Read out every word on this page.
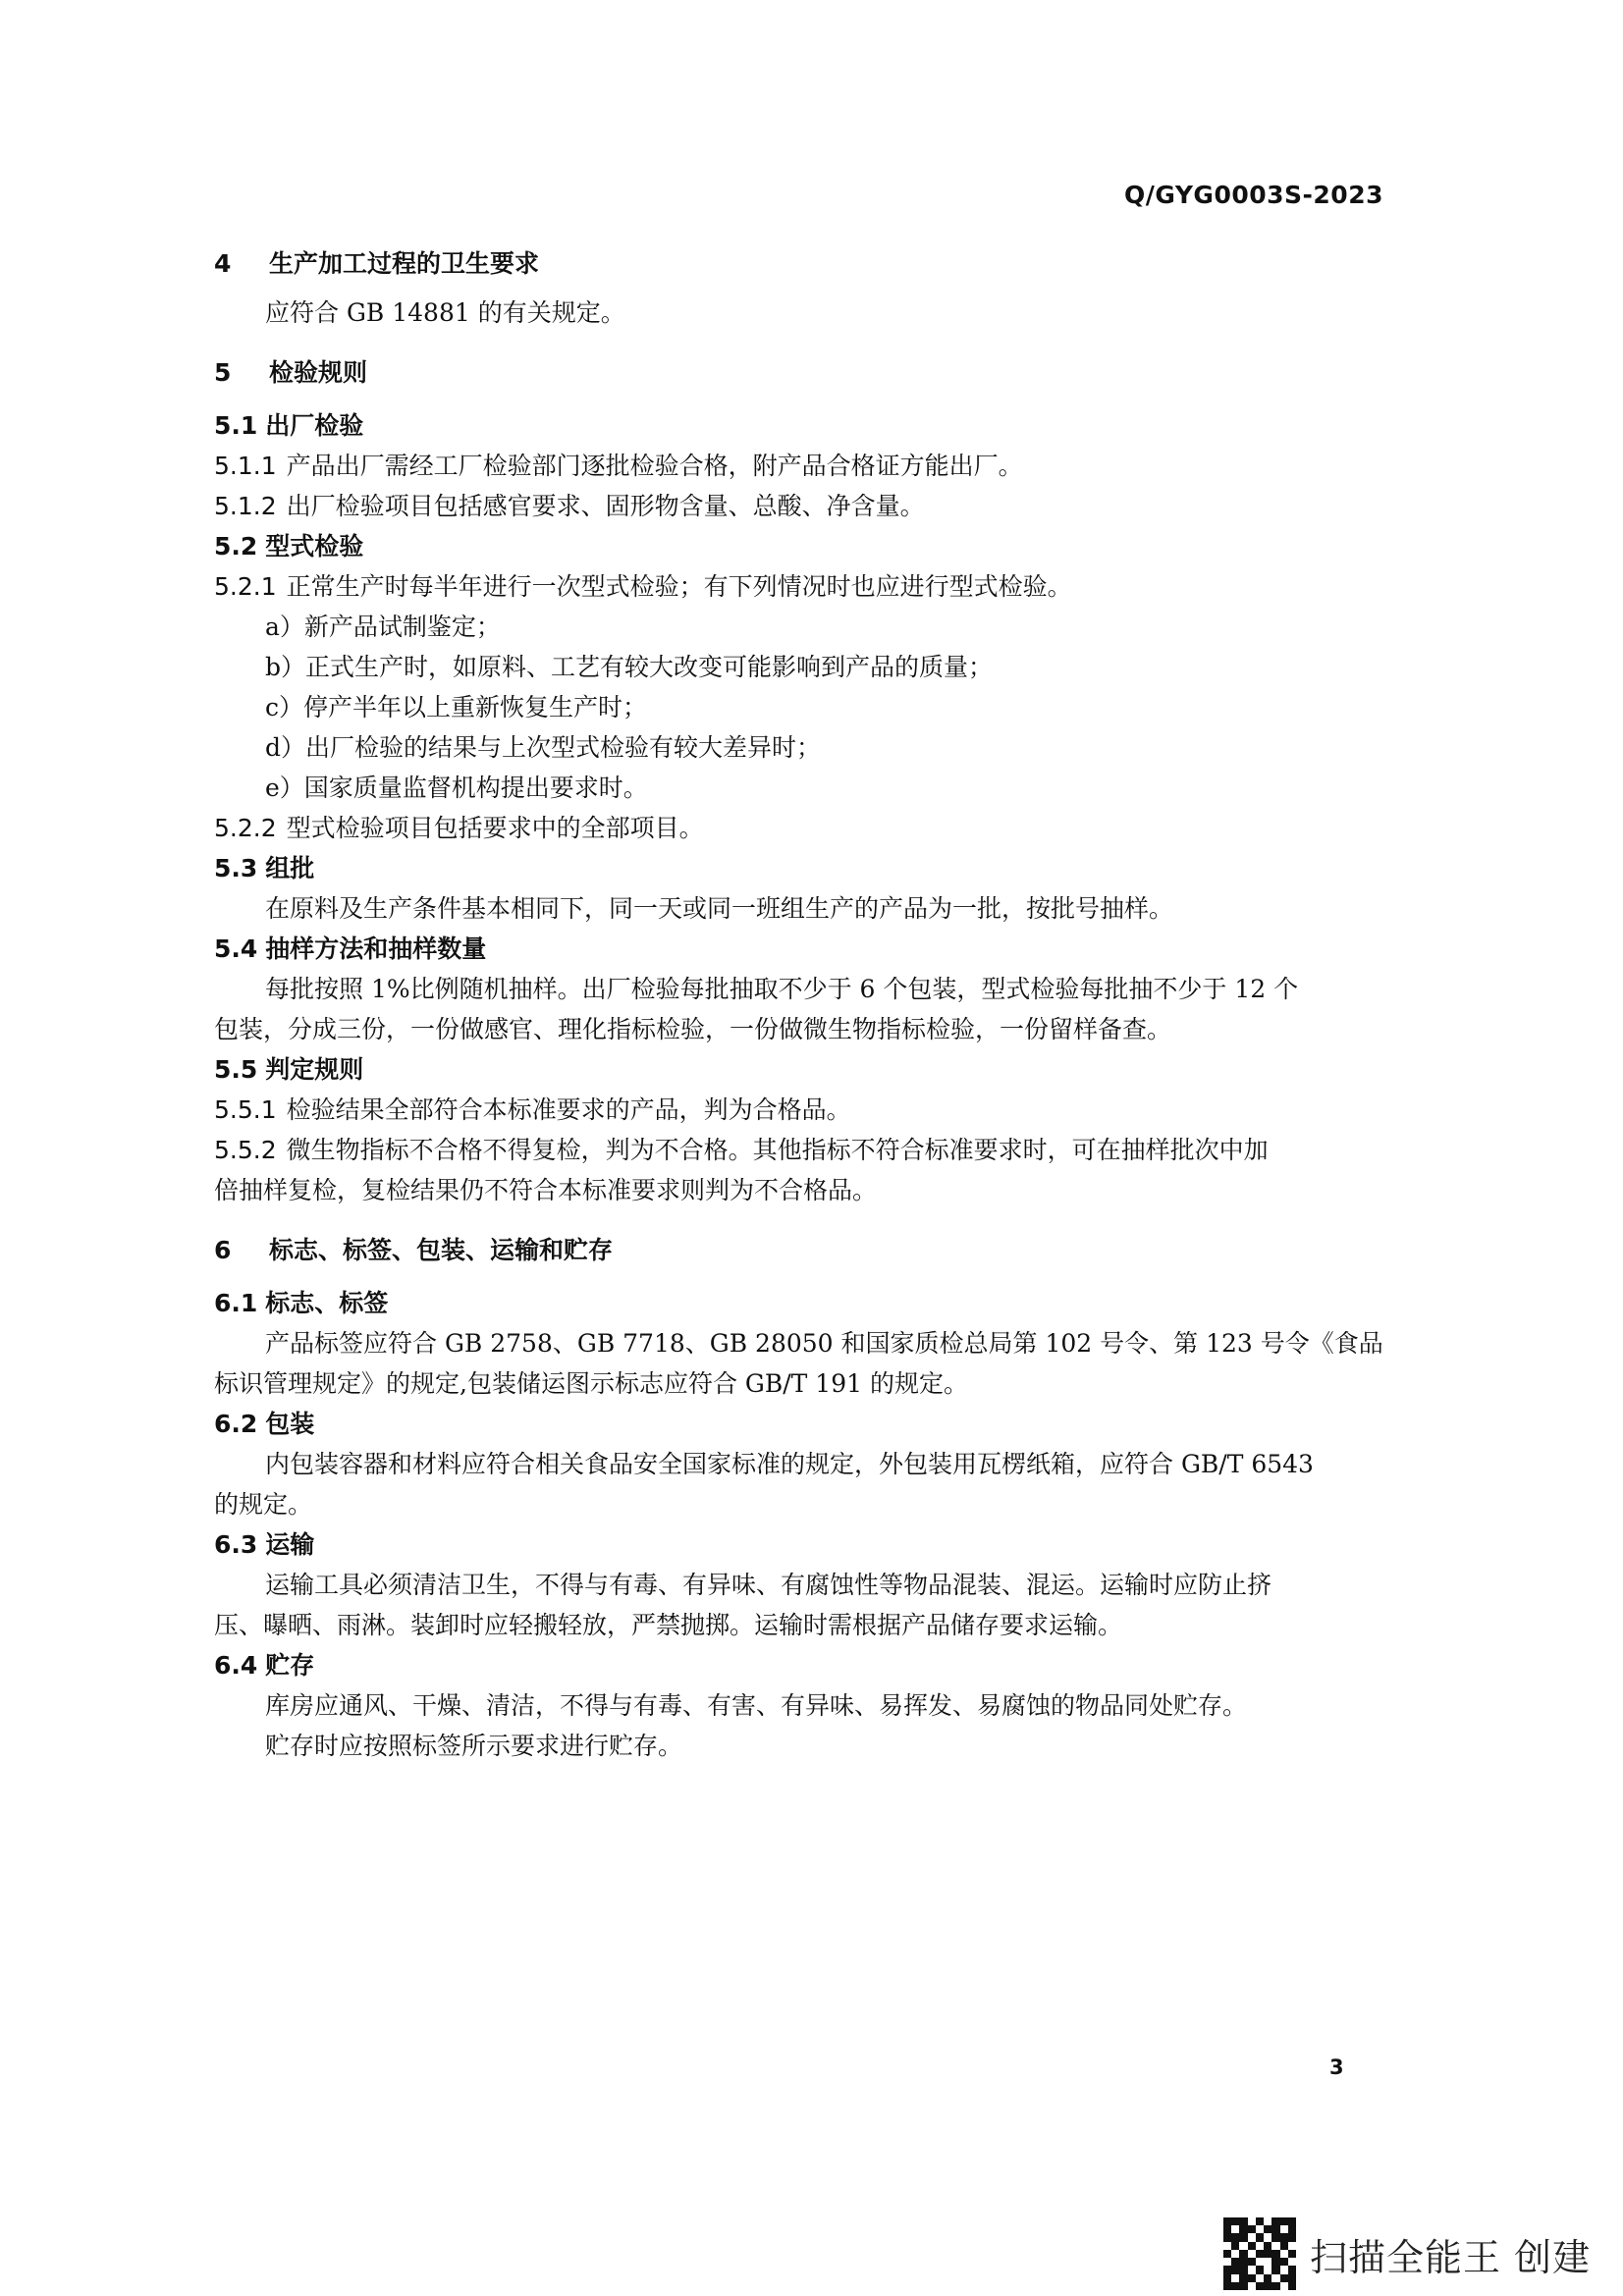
Q/GYG0003S-2023
4 生产加工过程的卫生要求
应符合 GB 14881 的有关规定。
5 检验规则
5.1 出厂检验
5.1.1 产品出厂需经工厂检验部门逐批检验合格，附产品合格证方能出厂。
5.1.2 出厂检验项目包括感官要求、固形物含量、总酸、净含量。
5.2 型式检验
5.2.1 正常生产时每半年进行一次型式检验；有下列情况时也应进行型式检验。
a）新产品试制鉴定；
b）正式生产时，如原料、工艺有较大改变可能影响到产品的质量；
c）停产半年以上重新恢复生产时；
d）出厂检验的结果与上次型式检验有较大差异时；
e）国家质量监督机构提出要求时。
5.2.2 型式检验项目包括要求中的全部项目。
5.3 组批
在原料及生产条件基本相同下，同一天或同一班组生产的产品为一批，按批号抽样。
5.4 抽样方法和抽样数量
每批按照 1%比例随机抽样。出厂检验每批抽取不少于 6 个包装，型式检验每批抽不少于 12 个
包装，分成三份，一份做感官、理化指标检验，一份做微生物指标检验，一份留样备查。
5.5 判定规则
5.5.1 检验结果全部符合本标准要求的产品，判为合格品。
5.5.2 微生物指标不合格不得复检，判为不合格。其他指标不符合标准要求时，可在抽样批次中加
倍抽样复检，复检结果仍不符合本标准要求则判为不合格品。
6 标志、标签、包装、运输和贮存
6.1 标志、标签
产品标签应符合 GB 2758、GB 7718、GB 28050 和国家质检总局第 102 号令、第 123 号令《食品
标识管理规定》的规定,包装储运图示标志应符合 GB/T 191 的规定。
6.2 包装
内包装容器和材料应符合相关食品安全国家标准的规定，外包装用瓦楞纸箱，应符合 GB/T 6543
的规定。
6.3 运输
运输工具必须清洁卫生，不得与有毒、有异味、有腐蚀性等物品混装、混运。运输时应防止挤
压、曝晒、雨淋。装卸时应轻搬轻放，严禁抛掷。运输时需根据产品储存要求运输。
6.4 贮存
库房应通风、干燥、清洁，不得与有毒、有害、有异味、易挥发、易腐蚀的物品同处贮存。
贮存时应按照标签所示要求进行贮存。
3
扫描全能王 创建
